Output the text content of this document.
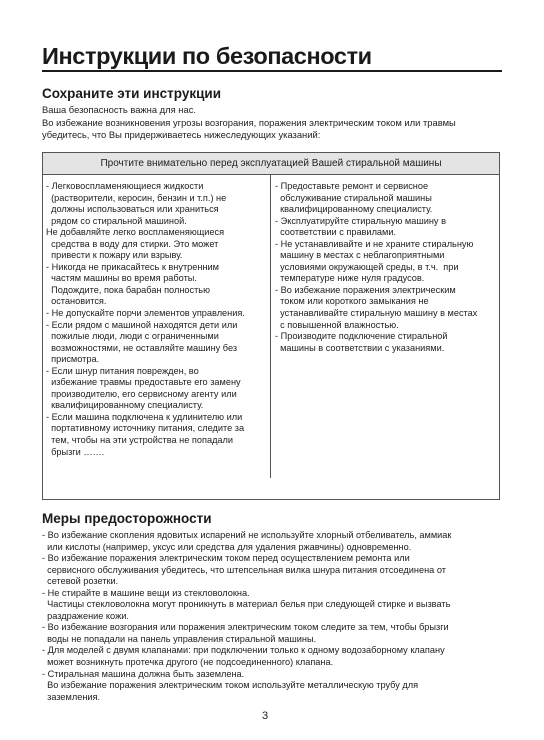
Инструкции по безопасности
Сохраните эти инструкции
Ваша безопасность важна для нас.
Во избежание возникновения угрозы возгорания, поражения электрическим током или травмы
убедитесь, что Вы придерживаетесь нижеследующих указаний:
Прочтите внимательно перед эксплуатацией Вашей стиральной машины
- Легковоспламеняющиеся жидкости
(растворители, керосин, бензин и т.п.) не
должны использоваться или храниться
рядом со стиральной машиной.
Не добавляйте легко воспламеняющиеся
средства в воду для стирки. Это может
привести к пожару или взрыву.
- Никогда не прикасайтесь к внутренним
частям машины во время работы.
Подождите, пока барабан полностью
остановится.
- Не допускайте порчи элементов управления.
- Если рядом с машиной находятся дети или
пожилые люди, люди с ограниченными
возможностями, не оставляйте машину без
присмотра.
- Если шнур питания поврежден, во
избежание травмы предоставьте его замену
производителю, его сервисному агенту или
квалифицированному специалисту.
- Если машина подключена к удлинителю или
портативному источнику питания, следите за
тем, чтобы на эти устройства не попадали
брызги …….
- Предоставьте ремонт и сервисное
обслуживание стиральной машины
квалифицированному специалисту.
- Эксплуатируйте стиральную машину в
соответствии с правилами.
- Не устанавливайте и не храните стиральную
машину в местах с неблагоприятными
условиями окружающей среды, в т.ч.  при
температуре ниже нуля градусов.
- Во избежание поражения электрическим
током или короткого замыкания не
устанавливайте стиральную машину в местах
с повышенной влажностью.
- Производите подключение стиральной
машины в соответствии с указаниями.
Меры предосторожности
- Во избежание скопления ядовитых испарений не используйте хлорный отбеливатель, аммиак
или кислоты (например, уксус или средства для удаления ржавчины) одновременно.
- Во избежание поражения электрическим током перед осуществлением ремонта или
сервисного обслуживания убедитесь, что штепсельная вилка шнура питания отсоединена от
сетевой розетки.
- Не стирайте в машине вещи из стекловолокна.
Частицы стекловолокна могут проникнуть в материал белья при следующей стирке и вызвать
раздражение кожи.
- Во избежание возгорания или поражения электрическим током следите за тем, чтобы брызги
воды не попадали на панель управления стиральной машины.
- Для моделей с двумя клапанами: при подключении только к одному водозаборному клапану
может возникнуть протечка другого (не подсоединенного) клапана.
- Стиральная машина должна быть заземлена.
Во избежание поражения электрическим током используйте металлическую трубу для
заземления.
3
